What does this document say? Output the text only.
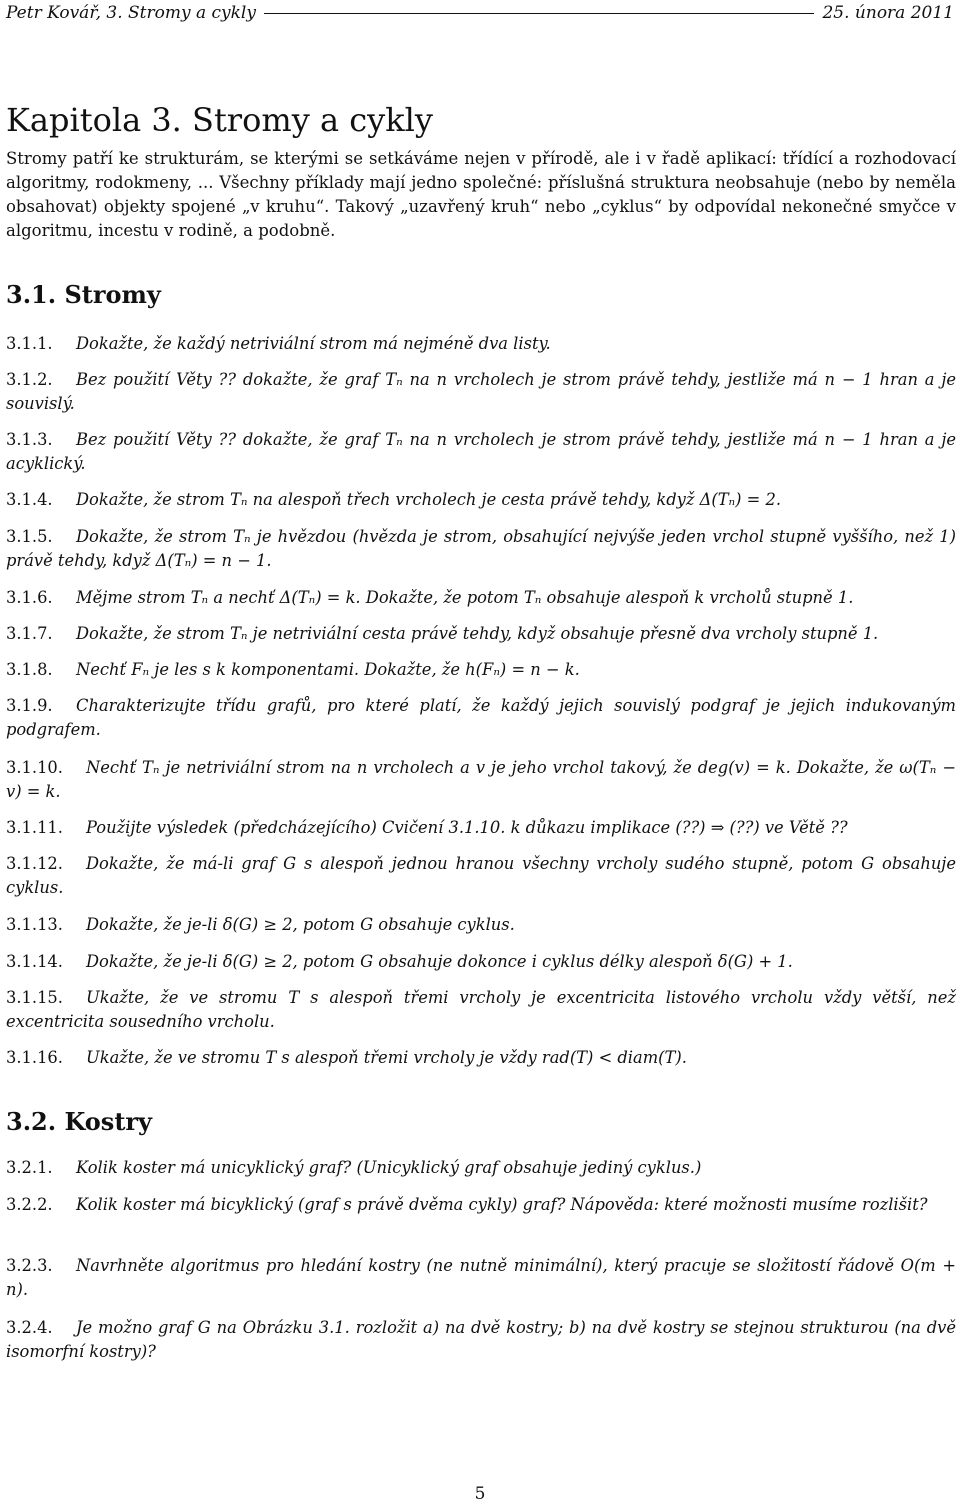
Petr Kovář, 3. Stromy a cykly	25. února 2011
Kapitola 3. Stromy a cykly

Stromy patří ke strukturám, se kterými se setkáváme nejen v přírodě, ale i v řadě aplikací: třídící a rozhodovací algoritmy, rodokmeny, ... Všechny příklady mají jedno společné: příslušná struktura neobsahuje (nebo by neměla obsahovat) objekty spojené „v kruhu“. Takový „uzavřený kruh“ nebo „cyklus“ by odpovídal nekonečné smyčce v algoritmu, incestu v rodině, a podobně.

3.1. Stromy

3.1.1. Dokažte, že každý netriviální strom má nejméně dva listy.

3.1.2. Bez použití Věty ?? dokažte, že graf Tₙ na n vrcholech je strom právě tehdy, jestliže má n − 1 hran a je souvislý.

3.1.3. Bez použití Věty ?? dokažte, že graf Tₙ na n vrcholech je strom právě tehdy, jestliže má n − 1 hran a je acyklický.

3.1.4. Dokažte, že strom Tₙ na alespoň třech vrcholech je cesta právě tehdy, když Δ(Tₙ) = 2.

3.1.5. Dokažte, že strom Tₙ je hvězdou (hvězda je strom, obsahující nejvýše jeden vrchol stupně vyššího, než 1) právě tehdy, když Δ(Tₙ) = n − 1.

3.1.6. Mějme strom Tₙ a nechť Δ(Tₙ) = k. Dokažte, že potom Tₙ obsahuje alespoň k vrcholů stupně 1.

3.1.7. Dokažte, že strom Tₙ je netriviální cesta právě tehdy, když obsahuje přesně dva vrcholy stupně 1.

3.1.8. Nechť Fₙ je les s k komponentami. Dokažte, že h(Fₙ) = n − k.

3.1.9. Charakterizujte třídu grafů, pro které platí, že každý jejich souvislý podgraf je jejich indukovaným podgrafem.

3.1.10. Nechť Tₙ je netriviální strom na n vrcholech a v je jeho vrchol takový, že deg(v) = k. Dokažte, že ω(Tₙ − v) = k.

3.1.11. Použijte výsledek (předcházejícího) Cvičení 3.1.10. k důkazu implikace (??) ⇒ (??) ve Větě ??

3.1.12. Dokažte, že má-li graf G s alespoň jednou hranou všechny vrcholy sudého stupně, potom G obsahuje cyklus.

3.1.13. Dokažte, že je-li δ(G) ≥ 2, potom G obsahuje cyklus.

3.1.14. Dokažte, že je-li δ(G) ≥ 2, potom G obsahuje dokonce i cyklus délky alespoň δ(G) + 1.

3.1.15. Ukažte, že ve stromu T s alespoň třemi vrcholy je excentricita listového vrcholu vždy větší, než excentricita sousedního vrcholu.

3.1.16. Ukažte, že ve stromu T s alespoň třemi vrcholy je vždy rad(T) < diam(T).

3.2. Kostry

3.2.1. Kolik koster má unicyklický graf? (Unicyklický graf obsahuje jediný cyklus.)

3.2.2. Kolik koster má bicyklický (graf s právě dvěma cykly) graf? Nápověda: které možnosti musíme rozlišit?

3.2.3. Navrhněte algoritmus pro hledání kostry (ne nutně minimální), který pracuje se složitostí řádově O(m + n).

3.2.4. Je možno graf G na Obrázku 3.1. rozložit a) na dvě kostry; b) na dvě kostry se stejnou strukturou (na dvě isomorfní kostry)?

5
